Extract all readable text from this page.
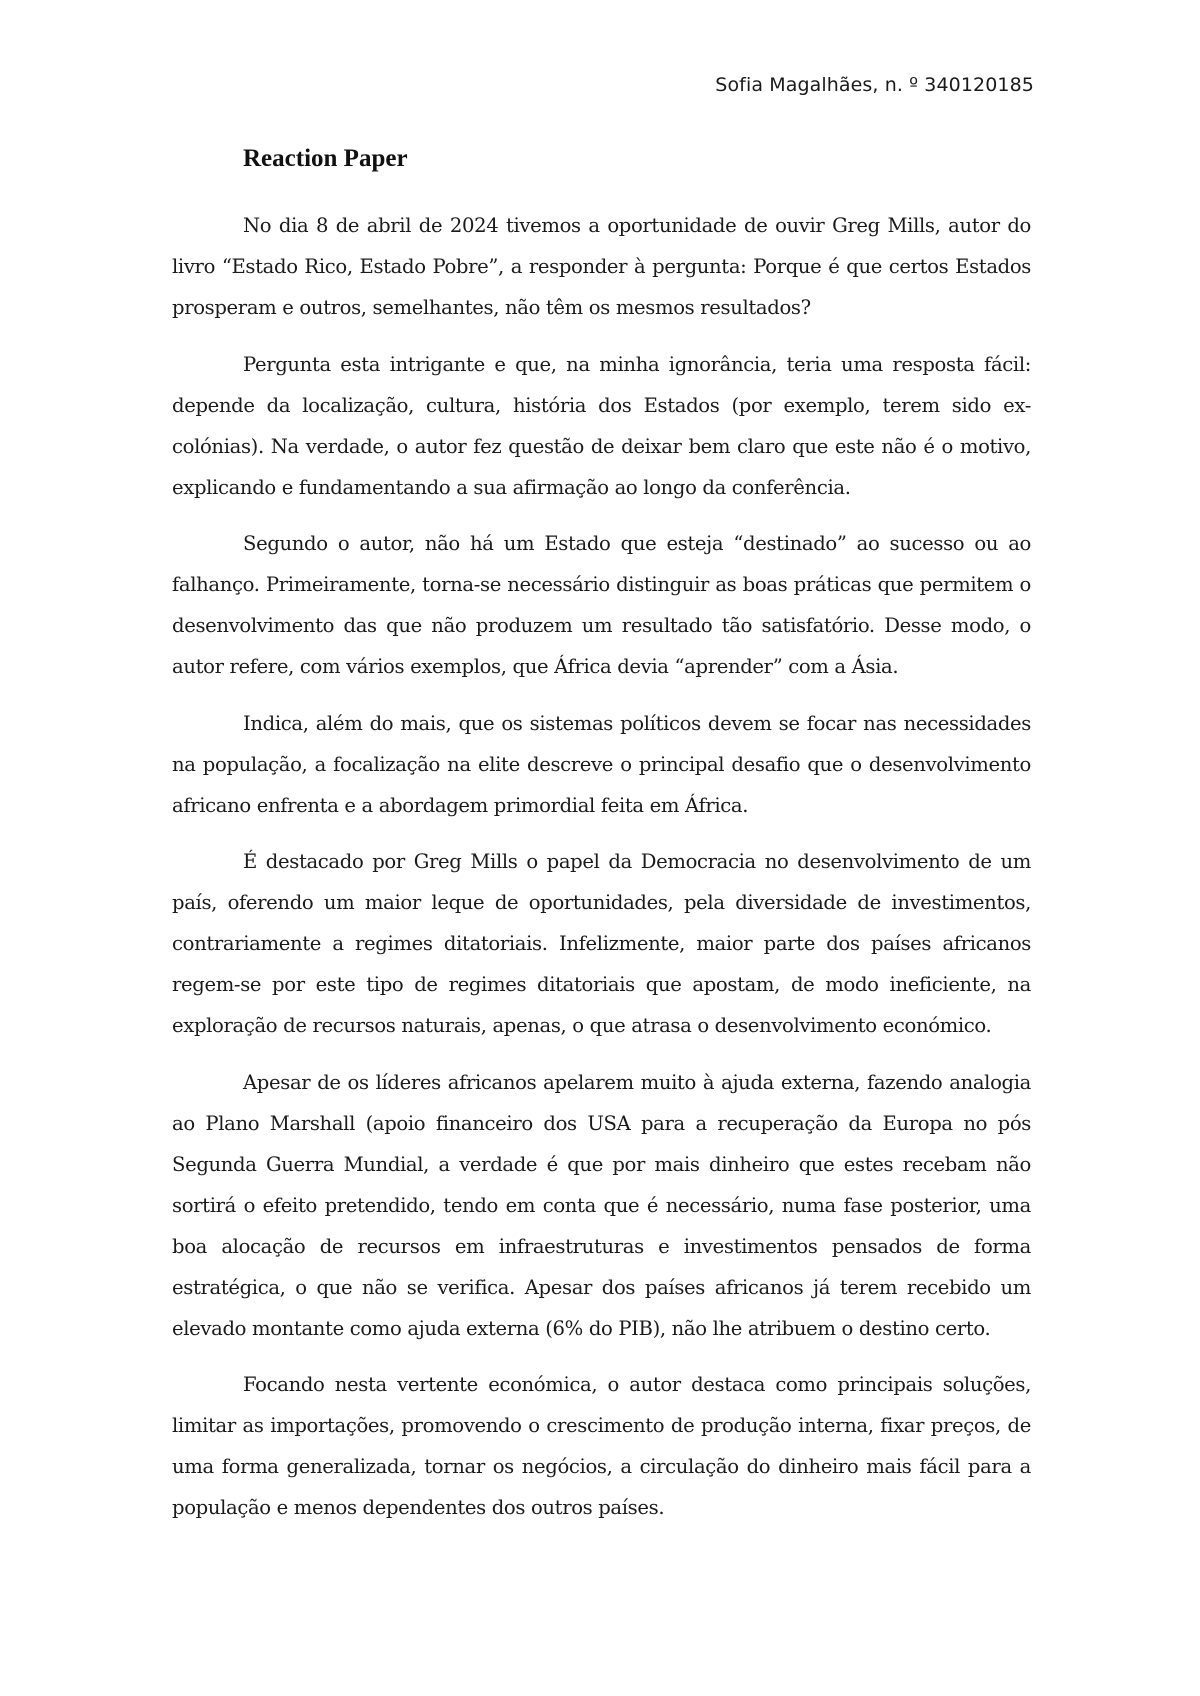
Sofia Magalhães, n. º 340120185
Reaction Paper

No dia 8 de abril de 2024 tivemos a oportunidade de ouvir Greg Mills, autor do livro “Estado Rico, Estado Pobre”, a responder à pergunta: Porque é que certos Estados prosperam e outros, semelhantes, não têm os mesmos resultados?

Pergunta esta intrigante e que, na minha ignorância, teria uma resposta fácil: depende da localização, cultura, história dos Estados (por exemplo, terem sido ex-colónias). Na verdade, o autor fez questão de deixar bem claro que este não é o motivo, explicando e fundamentando a sua afirmação ao longo da conferência.

Segundo o autor, não há um Estado que esteja “destinado” ao sucesso ou ao falhanço. Primeiramente, torna-se necessário distinguir as boas práticas que permitem o desenvolvimento das que não produzem um resultado tão satisfatório. Desse modo, o autor refere, com vários exemplos, que África devia “aprender” com a Ásia.

Indica, além do mais, que os sistemas políticos devem se focar nas necessidades na população, a focalização na elite descreve o principal desafio que o desenvolvimento africano enfrenta e a abordagem primordial feita em África.

É destacado por Greg Mills o papel da Democracia no desenvolvimento de um país, oferendo um maior leque de oportunidades, pela diversidade de investimentos, contrariamente a regimes ditatoriais. Infelizmente, maior parte dos países africanos regem-se por este tipo de regimes ditatoriais que apostam, de modo ineficiente, na exploração de recursos naturais, apenas, o que atrasa o desenvolvimento económico.

Apesar de os líderes africanos apelarem muito à ajuda externa, fazendo analogia ao Plano Marshall (apoio financeiro dos USA para a recuperação da Europa no pós Segunda Guerra Mundial, a verdade é que por mais dinheiro que estes recebam não sortirá o efeito pretendido, tendo em conta que é necessário, numa fase posterior, uma boa alocação de recursos em infraestruturas e investimentos pensados de forma estratégica, o que não se verifica. Apesar dos países africanos já terem recebido um elevado montante como ajuda externa (6% do PIB), não lhe atribuem o destino certo.

Focando nesta vertente económica, o autor destaca como principais soluções, limitar as importações, promovendo o crescimento de produção interna, fixar preços, de uma forma generalizada, tornar os negócios, a circulação do dinheiro mais fácil para a população e menos dependentes dos outros países.
